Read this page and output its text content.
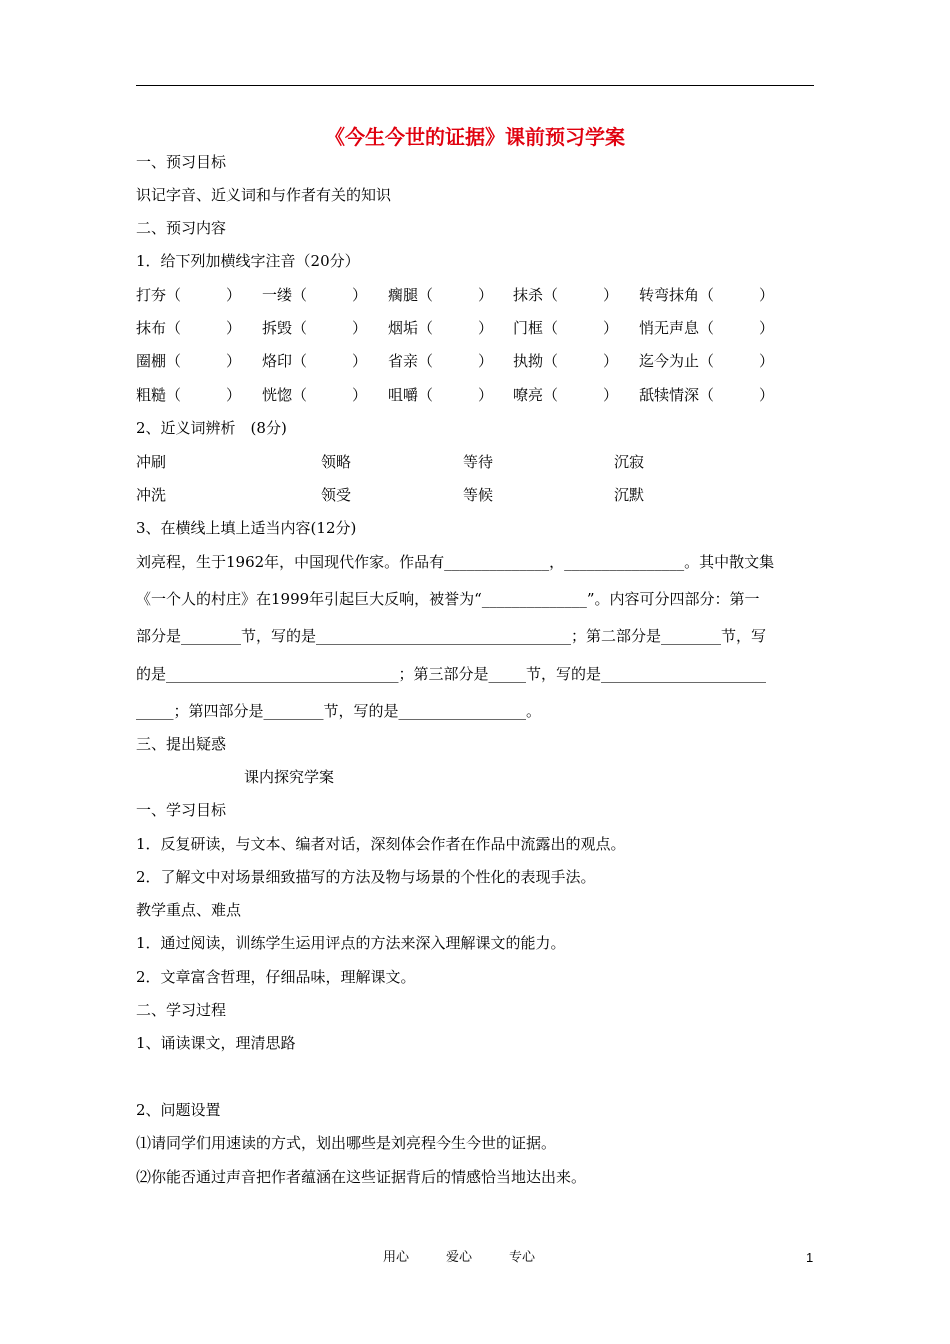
《今生今世的证据》课前预习学案
一、预习目标
识记字音、近义词和与作者有关的知识
二、预习内容
1．给下列加横线字注音（20分）
打夯（　　　） 一缕（　　　） 瘸腿（　　　） 抹杀（　　　） 转弯抹角（　　　）
抹布（　　　） 拆毁（　　　） 烟垢（　　　） 门框（　　　） 悄无声息（　　　）
圈棚（　　　） 烙印（　　　） 省亲（　　　） 执拗（　　　） 迄今为止（　　　）
粗糙（　　　） 恍惚（　　　） 咀嚼（　　　） 嘹亮（　　　） 舐犊情深（　　　）
2、近义词辨析　(8分)
冲刷	领略	等待	沉寂
冲洗	领受	等候	沉默
3、在横线上填上适当内容(12分)
刘亮程，生于1962年，中国现代作家。作品有______________，________________。其中散文集
《一个人的村庄》在1999年引起巨大反响，被誉为“______________”。内容可分四部分：第一
部分是________节，写的是__________________________________；第二部分是________节，写
的是_______________________________；第三部分是_____节，写的是______________________
_____；第四部分是________节，写的是_________________。
三、提出疑惑
课内探究学案
一、学习目标
1．反复研读，与文本、编者对话，深刻体会作者在作品中流露出的观点。
2．了解文中对场景细致描写的方法及物与场景的个性化的表现手法。
教学重点、难点
1．通过阅读，训练学生运用评点的方法来深入理解课文的能力。
2．文章富含哲理，仔细品味，理解课文。
二、学习过程
1、诵读课文，理清思路
2、问题设置
⑴请同学们用速读的方式，划出哪些是刘亮程今生今世的证据。
⑵你能否通过声音把作者蕴涵在这些证据背后的情感恰当地达出来。
用心	爱心	专心	1
